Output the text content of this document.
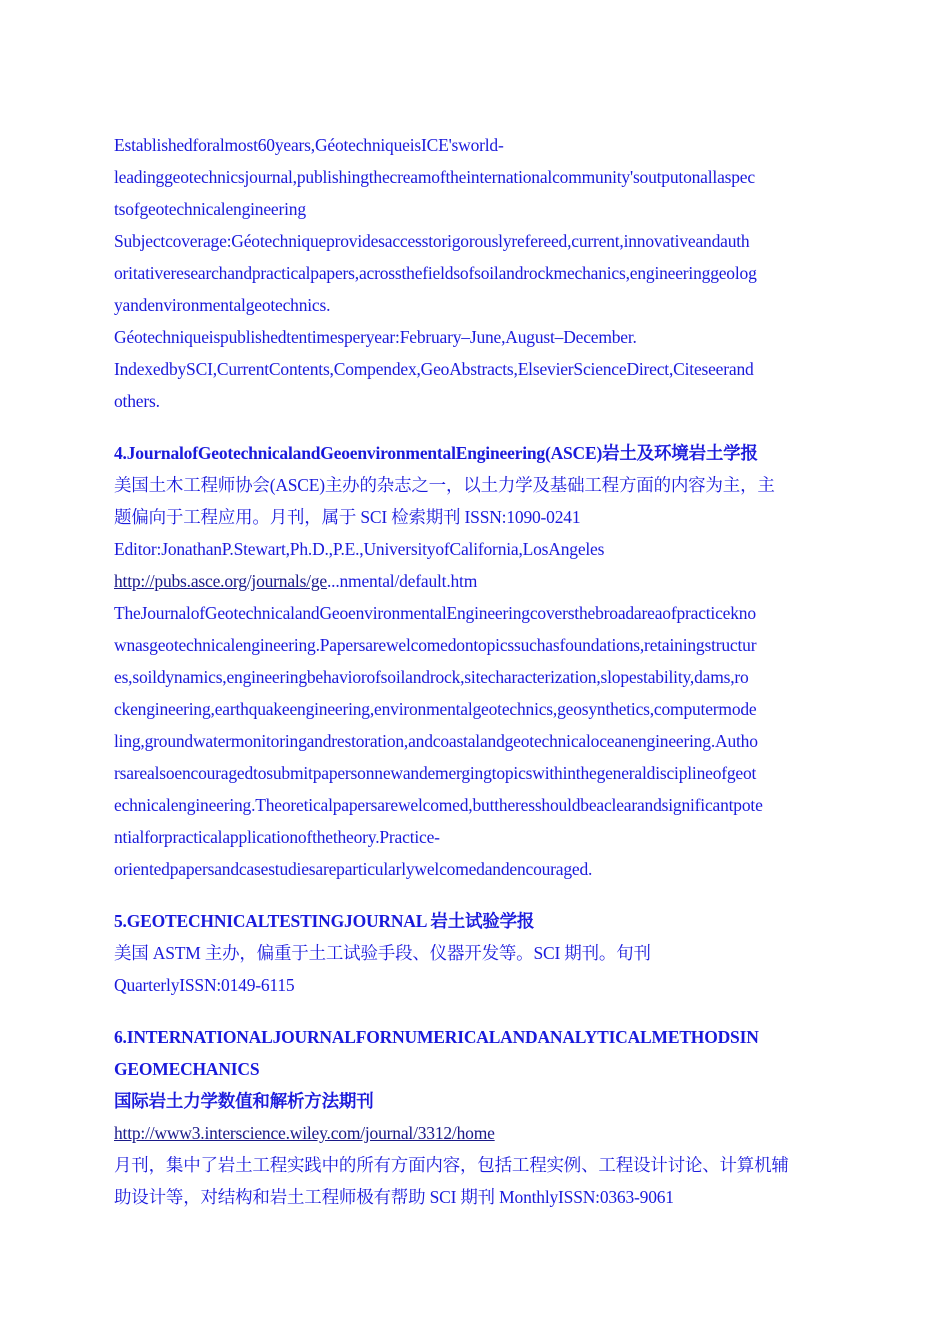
Establishedforalmost60years,GéotechniqueisICE'sworld-
leadinggeotechnicsjournal,publishingthecreamoftheinternationalcommunity'soutputonallaspec
tsofgeotechnicalengineering
Subjectcoverage:Géotechniqueprovidesaccesstorigorouslyrefereed,current,innovativeandauth
oritativeresearchandpracticalpapers,acrossthefieldsofsoilandrockmechanics,engineeringgeolog
yandenvironmentalgeotechnics.
Géotechniqueispublishedtentimesperyear:February–June,August–December.
IndexedbySCI,CurrentContents,Compendex,GeoAbstracts,ElsevierScienceDirect,Citeseerand
others.
4.JournalofGeotechnicalandGeoenvironmentalEngineering(ASCE)岩土及环境岩土学报
美国土木工程师协会(ASCE)主办的杂志之一，以土力学及基础工程方面的内容为主，主
题偏向于工程应用。月刊，属于 SCI 检索期刊 ISSN:1090-0241
Editor:JonathanP.Stewart,Ph.D.,P.E.,UniversityofCalifornia,LosAngeles
http://pubs.asce.org/journals/ge...nmental/default.htm
TheJournalofGeotechnicalandGeoenvironmentalEngineeringcoversthebroadareaofpracticekno
wnasgeotechnicalengineering.Papersarewelcomedontopicssuchasfoundations,retainingstructur
es,soildynamics,engineeringbehaviorofsoilandrock,sitecharacterization,slopestability,dams,ro
ckengineering,earthquakeengineering,environmentalgeotechnics,geosynthetics,computermode
ling,groundwatermonitoringandrestoration,andcoastalandgeotechnicaloceanengineering.Autho
rsarealsoencouragedtosubmitpapersonnewandemergingtopicswithinthegeneraldisciplineofgeot
echnicalengineering.Theoreticalpapersarewelcomed,buttheresshouldbeaclearandsignificantpote
ntialforpracticalapplicationofthetheory.Practice-
orientedpapersandcasestudiesareparticularlywelcomedandencouraged.
5.GEOTECHNICALTESTINGJOURNAL 岩土试验学报
美国 ASTM 主办，偏重于土工试验手段、仪器开发等。SCI 期刊。旬刊
QuarterlyISSN:0149-6115
6.INTERNATIONALJOURNALFORNUMERICALANDANALYTICALMETHODSIN
GEOMECHANICS
国际岩土力学数值和解析方法期刊
http://www3.interscience.wiley.com/journal/3312/home
月刊，集中了岩土工程实践中的所有方面内容，包括工程实例、工程设计讨论、计算机辅
助设计等，对结构和岩土工程师极有帮助 SCI 期刊 MonthlyISSN:0363-9061
